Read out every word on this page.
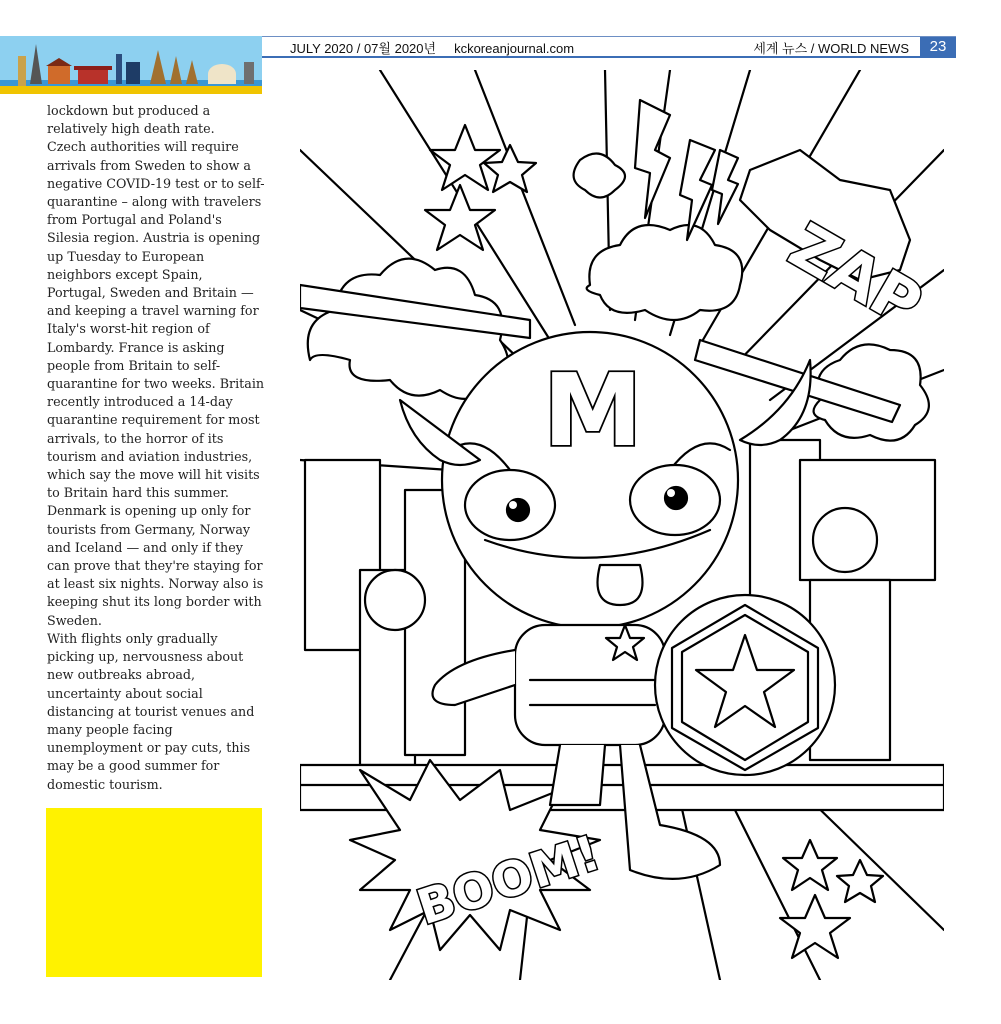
JULY 2020 / 07월 2020년 kckoreanjournal.com	세계 뉴스 / WORLD NEWS	23

lockdown but produced a relatively high death rate.

Czech authorities will require arrivals from Sweden to show a negative COVID-19 test or to self-quarantine – along with travelers from Portugal and Poland's Silesia region. Austria is opening up Tuesday to European neighbors except Spain, Portugal, Sweden and Britain — and keeping a travel warning for Italy's worst-hit region of Lombardy. France is asking people from Britain to self-quarantine for two weeks. Britain recently introduced a 14-day quarantine requirement for most arrivals, to the horror of its tourism and aviation industries, which say the move will hit visits to Britain hard this summer. Denmark is opening up only for tourists from Germany, Norway and Iceland — and only if they can prove that they're staying for at least six nights. Norway also is keeping shut its long border with Sweden.

With flights only gradually picking up, nervousness about new outbreaks abroad, uncertainty about social distancing at tourist venues and many people facing unemployment or pay cuts, this may be a good summer for domestic tourism.

ZAP
BOOM!
M
